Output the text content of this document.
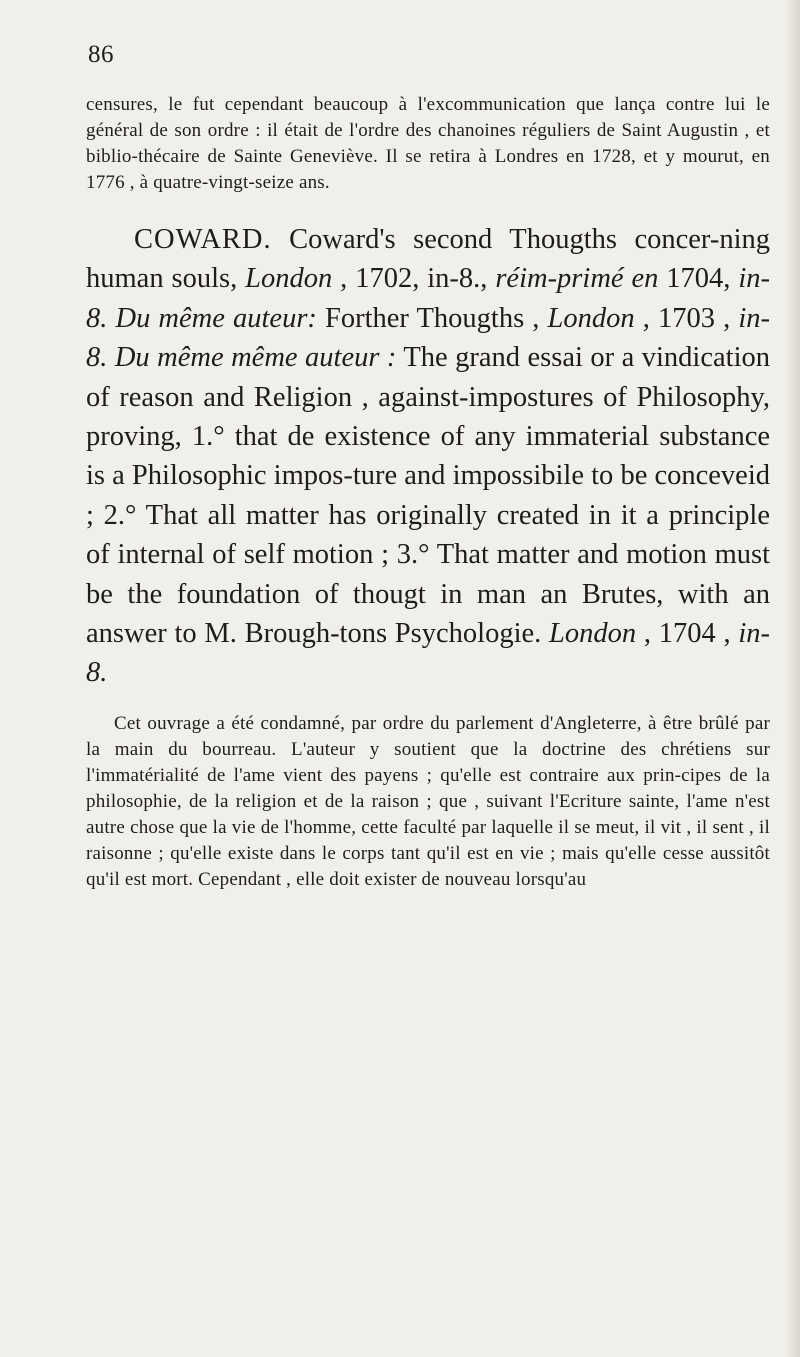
86

censures, le fut cependant beaucoup à l'excommunication que lança contre lui le général de son ordre : il était de l'ordre des chanoines réguliers de Saint Augustin , et biblio-thécaire de Sainte Geneviève. Il se retira à Londres en 1728, et y mourut, en 1776 , à quatre-vingt-seize ans.

COWARD. Coward's second Thougths concer-ning human souls, London , 1702, in-8., réim-primé en 1704, in-8. Du même auteur: Forther Thougths , London , 1703 , in-8. Du même même auteur : The grand essai or a vindication of reason and Religion , against-impostures of Philosophy, proving, 1.° that de existence of any immaterial substance is a Philosophic impos-ture and impossibile to be conceveid ; 2.° That all matter has originally created in it a principle of internal of self motion ; 3.° That matter and motion must be the foundation of thougt in man an Brutes, with an answer to M. Brough-tons Psychologie. London , 1704 , in-8.

Cet ouvrage a été condamné, par ordre du parlement d'Angleterre, à être brûlé par la main du bourreau. L'auteur y soutient que la doctrine des chrétiens sur l'immatérialité de l'ame vient des payens ; qu'elle est contraire aux prin-cipes de la philosophie, de la religion et de la raison ; que , suivant l'Ecriture sainte, l'ame n'est autre chose que la vie de l'homme, cette faculté par laquelle il se meut, il vit , il sent , il raisonne ; qu'elle existe dans le corps tant qu'il est en vie ; mais qu'elle cesse aussitôt qu'il est mort. Cependant , elle doit exister de nouveau lorsqu'au
